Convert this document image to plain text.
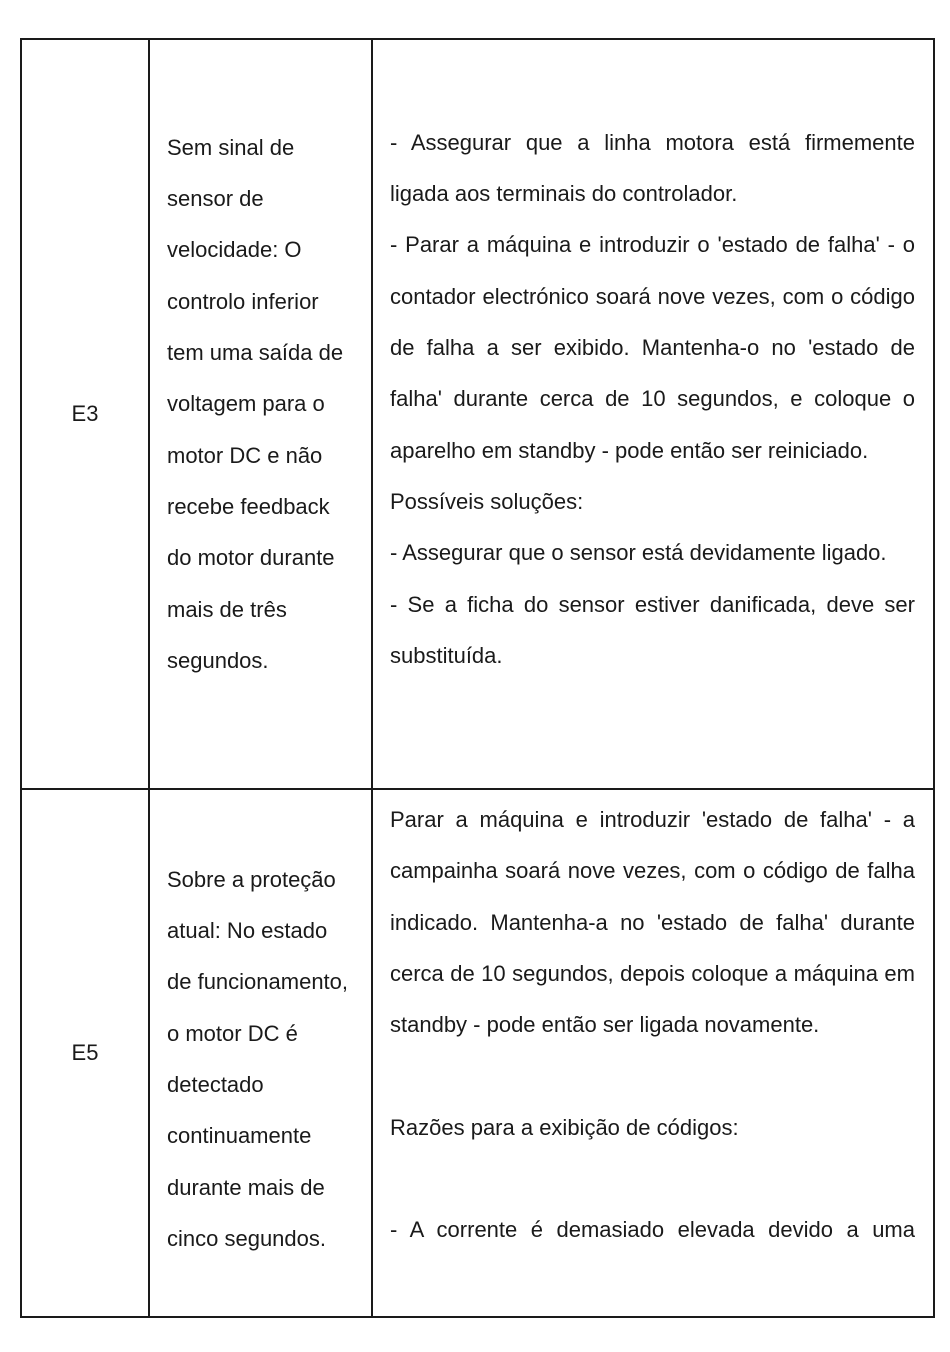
E3	Sem sinal de sensor de velocidade: O controlo inferior tem uma saída de voltagem para o motor DC e não recebe feedback do motor durante mais de três segundos.	- Assegurar que a linha motora está firmemente ligada aos terminais do controlador.
- Parar a máquina e introduzir o 'estado de falha' - o contador electrónico soará nove vezes, com o código de falha a ser exibido. Mantenha-o no 'estado de falha' durante cerca de 10 segundos, e coloque o aparelho em standby - pode então ser reiniciado.
Possíveis soluções:
- Assegurar que o sensor está devidamente ligado.
- Se a ficha do sensor estiver danificada, deve ser substituída.

E5	Sobre a proteção atual: No estado de funcionamento, o motor DC é detectado continuamente durante mais de cinco segundos.	Parar a máquina e introduzir 'estado de falha' - a campainha soará nove vezes, com o código de falha indicado. Mantenha-a no 'estado de falha' durante cerca de 10 segundos, depois coloque a máquina em standby - pode então ser ligada novamente.
Razões para a exibição de códigos:
- A corrente é demasiado elevada devido a uma
